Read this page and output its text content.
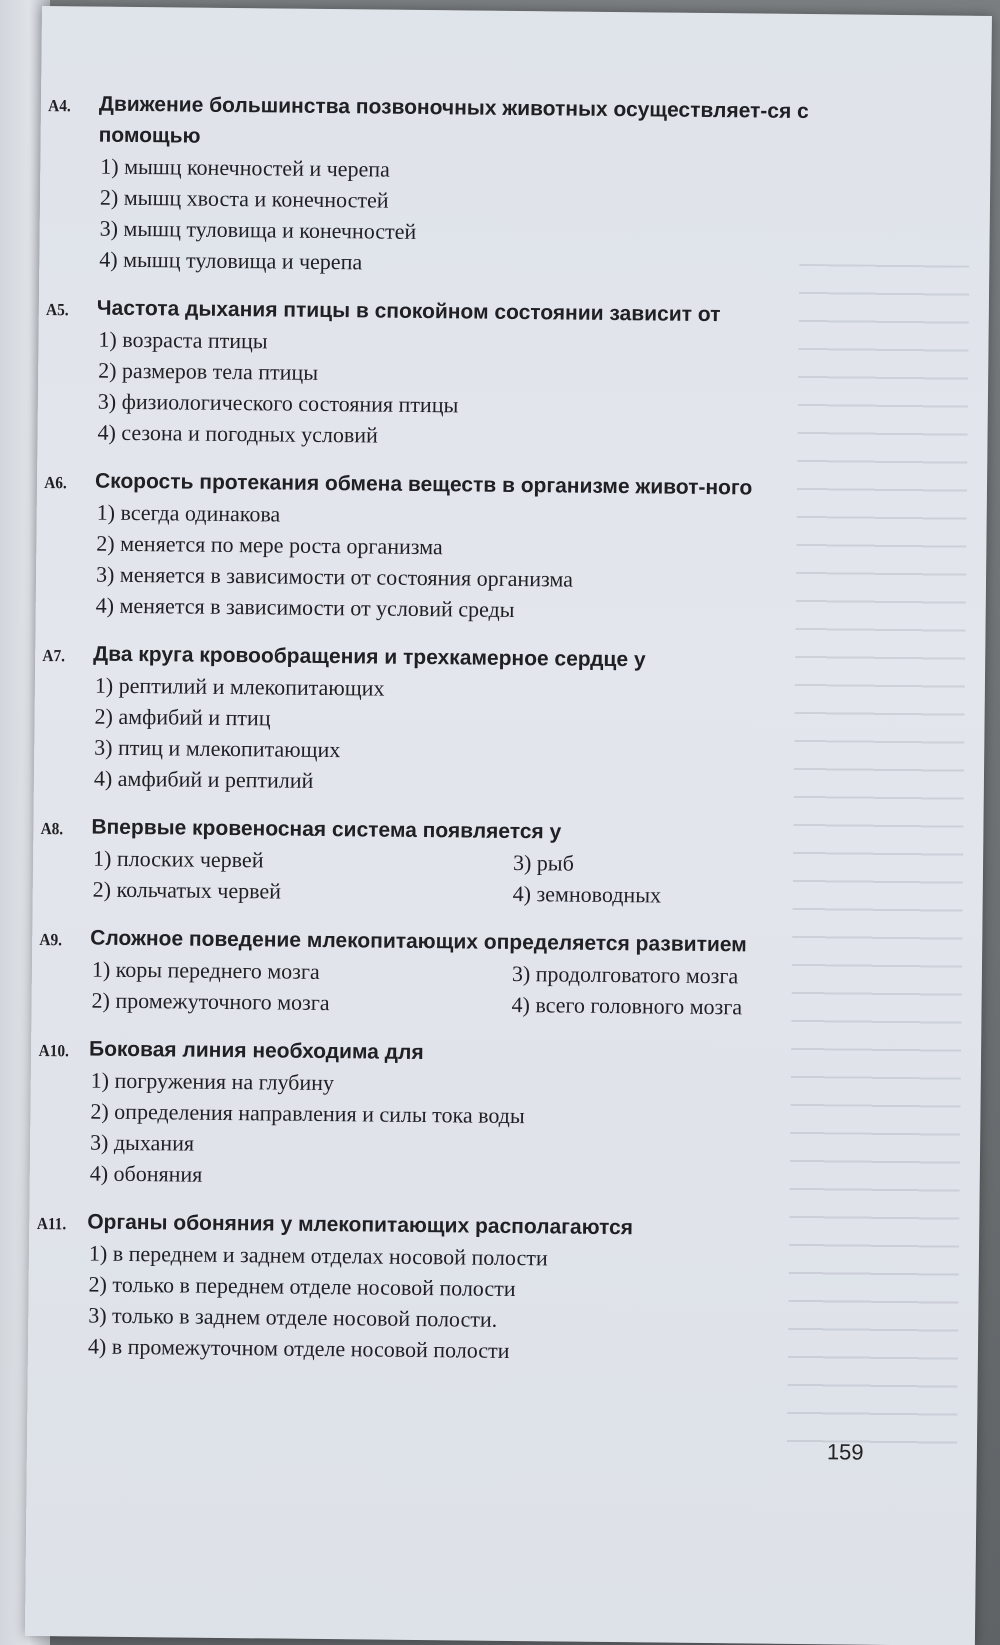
А4. Движение большинства позвоночных животных осуществляет-ся с помощью
1) мышц конечностей и черепа
2) мышц хвоста и конечностей
3) мышц туловища и конечностей
4) мышц туловища и черепа
А5. Частота дыхания птицы в спокойном состоянии зависит от
1) возраста птицы
2) размеров тела птицы
3) физиологического состояния птицы
4) сезона и погодных условий
А6. Скорость протекания обмена веществ в организме живот-ного
1) всегда одинакова
2) меняется по мере роста организма
3) меняется в зависимости от состояния организма
4) меняется в зависимости от условий среды
А7. Два круга кровообращения и трехкамерное сердце у
1) рептилий и млекопитающих
2) амфибий и птиц
3) птиц и млекопитающих
4) амфибий и рептилий
А8. Впервые кровеносная система появляется у
1) плоских червей	3) рыб
2) кольчатых червей	4) земноводных
А9. Сложное поведение млекопитающих определяется развитием
1) коры переднего мозга	3) продолговатого мозга
2) промежуточного мозга	4) всего головного мозга
А10. Боковая линия необходима для
1) погружения на глубину
2) определения направления и силы тока воды
3) дыхания
4) обоняния
А11. Органы обоняния у млекопитающих располагаются
1) в переднем и заднем отделах носовой полости
2) только в переднем отделе носовой полости
3) только в заднем отделе носовой полости.
4) в промежуточном отделе носовой полости
159
